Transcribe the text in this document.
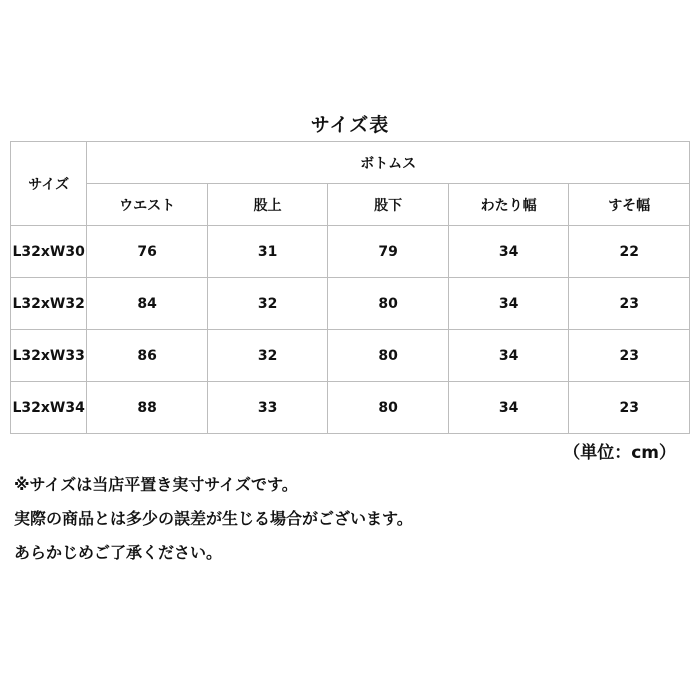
サイズ表
サイズ	ボトムス				
	ウエスト	股上	股下	わたり幅	すそ幅
L32xW30	76	31	79	34	22
L32xW32	84	32	80	34	23
L32xW33	86	32	80	34	23
L32xW34	88	33	80	34	23
（単位：cm）
※サイズは当店平置き実寸サイズです。
実際の商品とは多少の誤差が生じる場合がございます。
あらかじめご了承ください。
